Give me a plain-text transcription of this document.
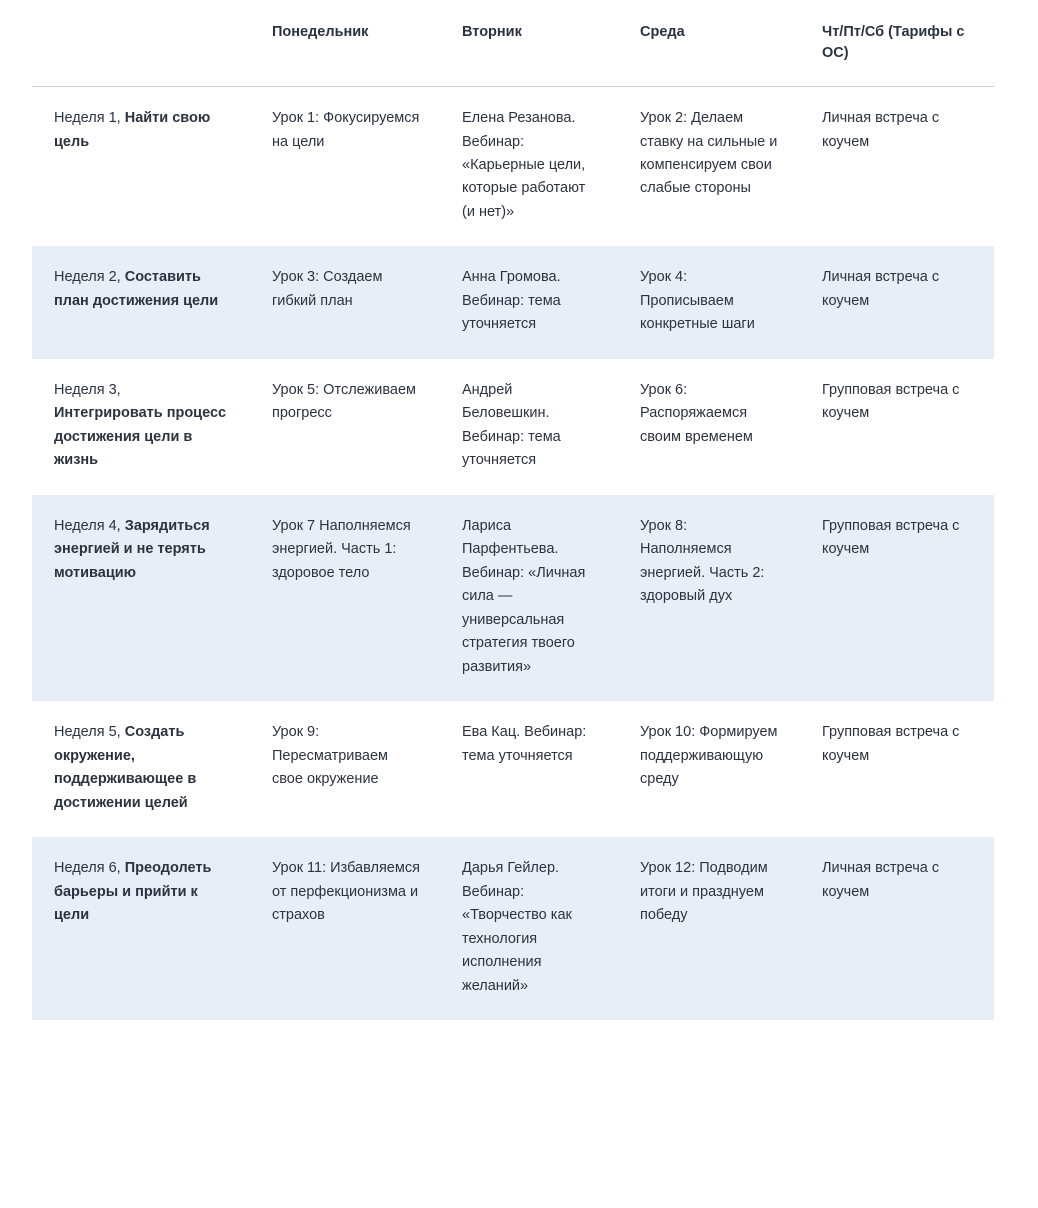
	Понедельник	Вторник	Среда	Чт/Пт/Сб (Тарифы с ОС)
Неделя 1, Найти свою цель	Урок 1: Фокусируемся на цели	Елена Резанова. Вебинар: «Карьерные цели, которые работают (и нет)»	Урок 2: Делаем ставку на сильные и компенсируем свои слабые стороны	Личная встреча с коучем
Неделя 2, Составить план достижения цели	Урок 3: Создаем гибкий план	Анна Громова. Вебинар: тема уточняется	Урок 4: Прописываем конкретные шаги	Личная встреча с коучем
Неделя 3, Интегрировать процесс достижения цели в жизнь	Урок 5: Отслеживаем прогресс	Андрей Беловешкин. Вебинар: тема уточняется	Урок 6: Распоряжаемся своим временем	Групповая встреча с коучем
Неделя 4, Зарядиться энергией и не терять мотивацию	Урок 7 Наполняемся энергией. Часть 1: здоровое тело	Лариса Парфентьева. Вебинар: «Личная сила — универсальная стратегия твоего развития»	Урок 8: Наполняемся энергией. Часть 2: здоровый дух	Групповая встреча с коучем
Неделя 5, Создать окружение, поддерживающее в достижении целей	Урок 9: Пересматриваем свое окружение	Ева Кац. Вебинар: тема уточняется	Урок 10: Формируем поддерживающую среду	Групповая встреча с коучем
Неделя 6, Преодолеть барьеры и прийти к цели	Урок 11: Избавляемся от перфекционизма и страхов	Дарья Гейлер. Вебинар: «Творчество как технология исполнения желаний»	Урок 12: Подводим итоги и празднуем победу	Личная встреча с коучем
